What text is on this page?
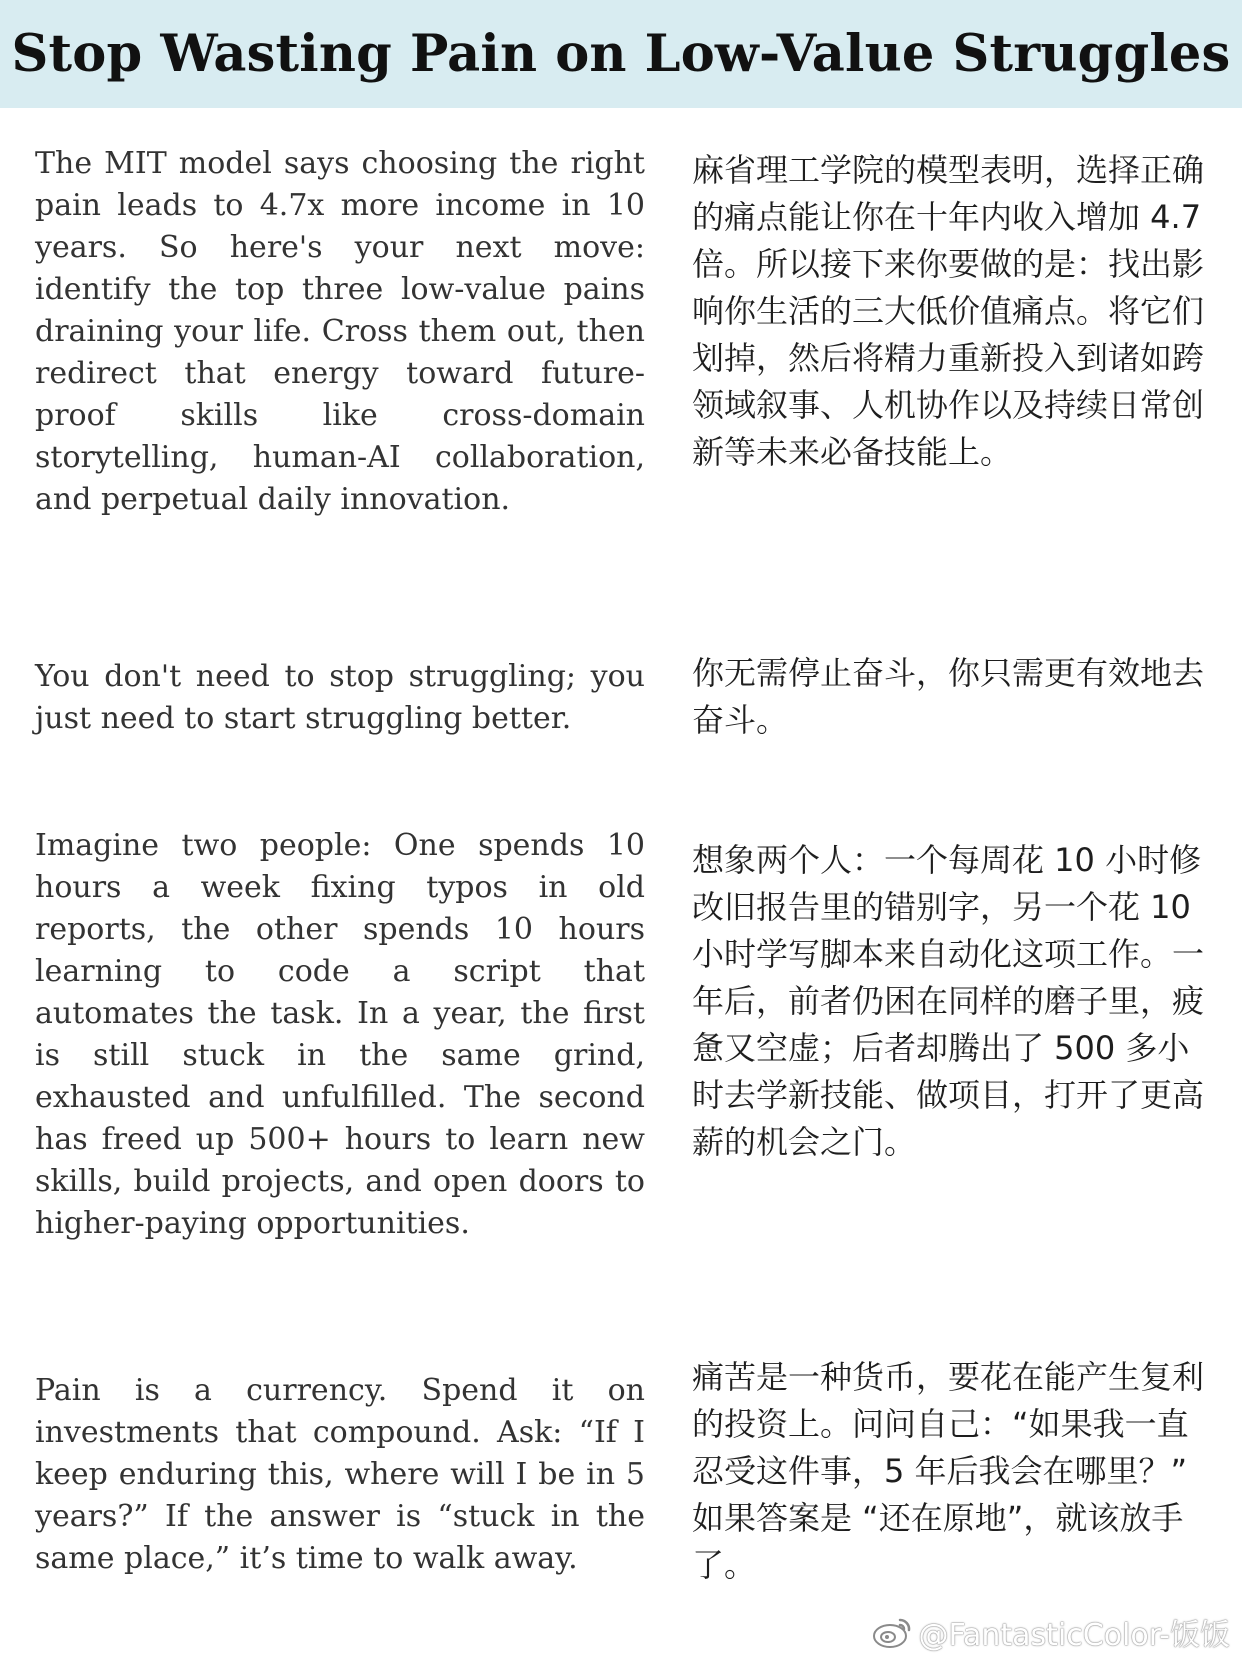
Stop Wasting Pain on Low-Value Struggles
The MIT model says choosing the right pain leads to 4.7x more income in 10 years. So here's your next move: identify the top three low-value pains draining your life. Cross them out, then redirect that energy toward future-proof skills like cross-domain storytelling, human-AI collaboration, and perpetual daily innovation.
麻省理工学院的模型表明，选择正确的痛点能让你在十年内收入增加 4.7 倍。所以接下来你要做的是：找出影响你生活的三大低价值痛点。将它们划掉，然后将精力重新投入到诸如跨领域叙事、人机协作以及持续日常创新等未来必备技能上。
You don't need to stop struggling; you just need to start struggling better.
你无需停止奋斗，你只需更有效地去奋斗。
Imagine two people: One spends 10 hours a week fixing typos in old reports, the other spends 10 hours learning to code a script that automates the task. In a year, the first is still stuck in the same grind, exhausted and unfulfilled. The second has freed up 500+ hours to learn new skills, build projects, and open doors to higher-paying opportunities.
想象两个人：一个每周花 10 小时修改旧报告里的错别字，另一个花 10 小时学写脚本来自动化这项工作。一年后，前者仍困在同样的磨子里，疲惫又空虚；后者却腾出了 500 多小时去学新技能、做项目，打开了更高薪的机会之门。
Pain is a currency. Spend it on investments that compound. Ask: “If I keep enduring this, where will I be in 5 years?” If the answer is “stuck in the same place,” it’s time to walk away.
痛苦是一种货币，要花在能产生复利的投资上。问问自己：“如果我一直忍受这件事，5 年后我会在哪里？” 如果答案是 “还在原地”，就该放手了。
@FantasticColor-饭饭
